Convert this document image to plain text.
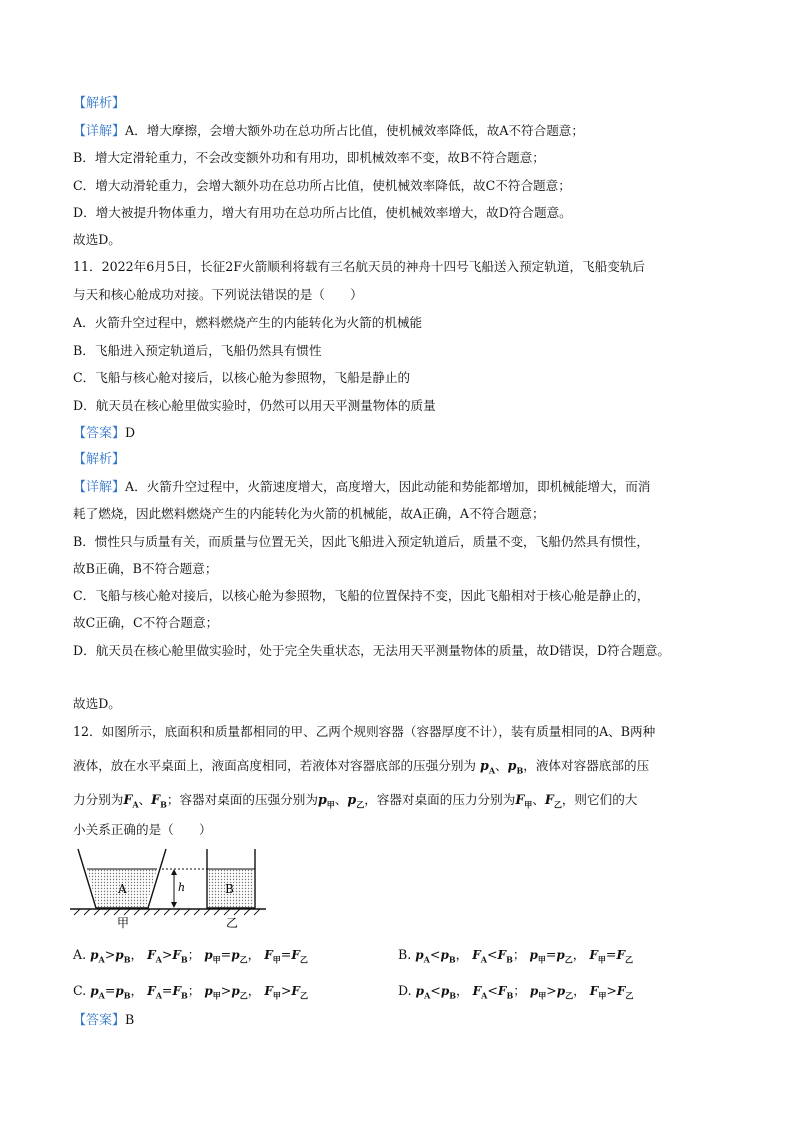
【解析】
【详解】A．增大摩擦，会增大额外功在总功所占比值，使机械效率降低，故A不符合题意；
B．增大定滑轮重力，不会改变额外功和有用功，即机械效率不变，故B不符合题意；
C．增大动滑轮重力，会增大额外功在总功所占比值，使机械效率降低，故C不符合题意；
D．增大被提升物体重力，增大有用功在总功所占比值，使机械效率增大，故D符合题意。
故选D。
11．2022年6月5日，长征2F火箭顺利将载有三名航天员的神舟十四号飞船送入预定轨道，飞船变轨后
与天和核心舱成功对接。下列说法错误的是（　　）
A．火箭升空过程中，燃料燃烧产生的内能转化为火箭的机械能
B．飞船进入预定轨道后，飞船仍然具有惯性
C．飞船与核心舱对接后，以核心舱为参照物，飞船是静止的
D．航天员在核心舱里做实验时，仍然可以用天平测量物体的质量
【答案】D
【解析】
【详解】A．火箭升空过程中，火箭速度增大，高度增大，因此动能和势能都增加，即机械能增大，而消
耗了燃烧，因此燃料燃烧产生的内能转化为火箭的机械能，故A正确，A不符合题意；
B．惯性只与质量有关，而质量与位置无关，因此飞船进入预定轨道后，质量不变，飞船仍然具有惯性，
故B正确，B不符合题意；
C．飞船与核心舱对接后，以核心舱为参照物，飞船的位置保持不变，因此飞船相对于核心舱是静止的，
故C正确，C不符合题意；
D．航天员在核心舱里做实验时，处于完全失重状态，无法用天平测量物体的质量，故D错误，D符合题意。
故选D。
12．如图所示，底面积和质量都相同的甲、乙两个规则容器（容器厚度不计），装有质量相同的A、B两种
液体，放在水平桌面上，液面高度相同，若液体对容器底部的压强分别为 $p_A$、$p_B$，液体对容器底部的压
力分别为$F_A$、$F_B$；容器对桌面的压强分别为$p_甲$、$p_乙$，容器对桌面的压力分别为$F_甲$、$F_乙$，则它们的大
小关系正确的是（　　）
A	h	B
甲	乙
A. $p_A>p_B$， $F_A>F_B$； $p_甲=p_乙$， $F_甲=F_乙$	B. $p_A<p_B$， $F_A<F_B$； $p_甲=p_乙$， $F_甲=F_乙$
C. $p_A=p_B$， $F_A=F_B$； $p_甲>p_乙$， $F_甲>F_乙$	D. $p_A<p_B$， $F_A<F_B$； $p_甲>p_乙$， $F_甲>F_乙$
【答案】B
